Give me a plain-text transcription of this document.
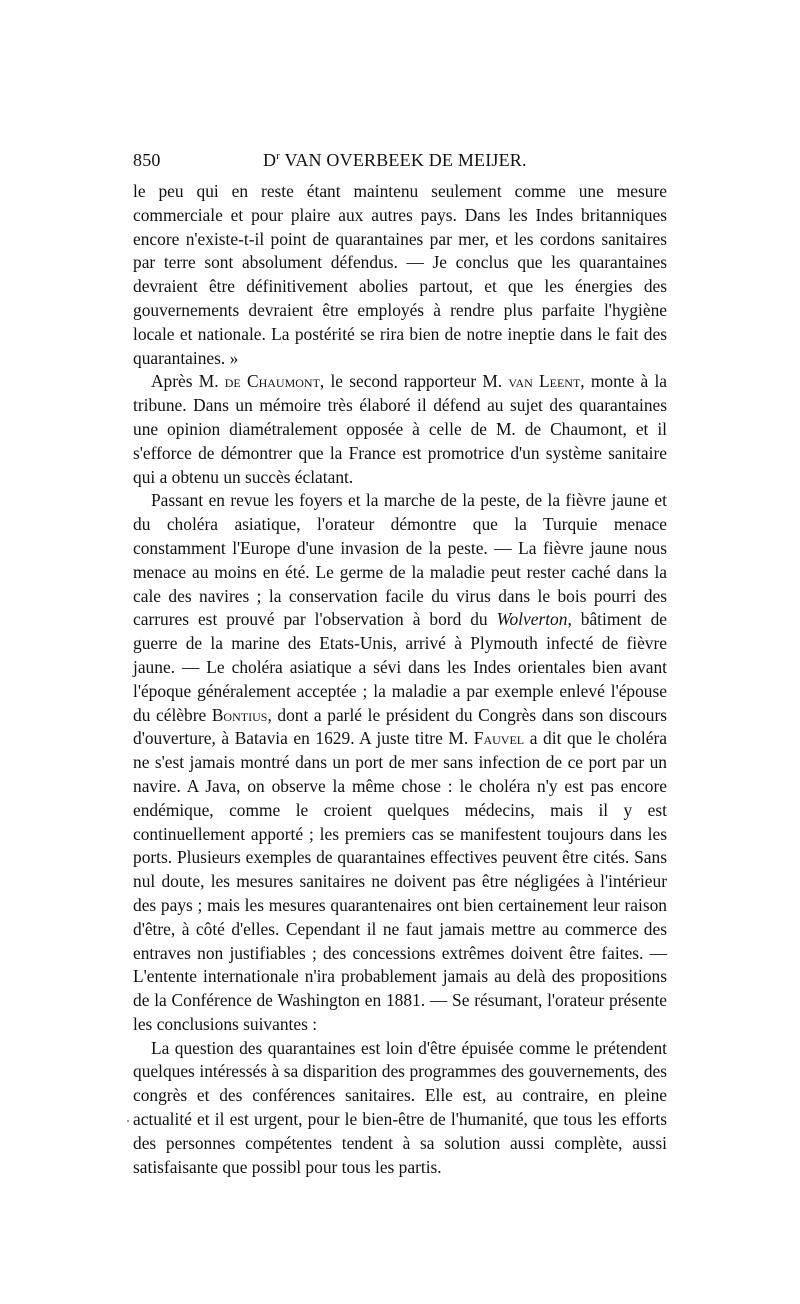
850	$D^r$ VAN OVERBEEK DE MEIJER.

le peu qui en reste étant maintenu seulement comme une mesure commerciale et pour plaire aux autres pays. Dans les Indes britanniques encore n'existe-t-il point de quarantaines par mer, et les cordons sanitaires par terre sont absolument défendus. — Je conclus que les quarantaines devraient être définitivement abolies partout, et que les énergies des gouvernements devraient être employés à rendre plus parfaite l'hygiène locale et nationale. La postérité se rira bien de notre ineptie dans le fait des quarantaines. »

Après M. de Chaumont, le second rapporteur M. van Leent, monte à la tribune. Dans un mémoire très élaboré il défend au sujet des quarantaines une opinion diamétralement opposée à celle de M. de Chaumont, et il s'efforce de démontrer que la France est promotrice d'un système sanitaire qui a obtenu un succès éclatant.

Passant en revue les foyers et la marche de la peste, de la fièvre jaune et du choléra asiatique, l'orateur démontre que la Turquie menace constamment l'Europe d'une invasion de la peste. — La fièvre jaune nous menace au moins en été. Le germe de la maladie peut rester caché dans la cale des navires ; la conservation facile du virus dans le bois pourri des carrures est prouvé par l'observation à bord du Wolverton, bâtiment de guerre de la marine des Etats-Unis, arrivé à Plymouth infecté de fièvre jaune. — Le choléra asiatique a sévi dans les Indes orientales bien avant l'époque généralement acceptée ; la maladie a par exemple enlevé l'épouse du célèbre Bontius, dont a parlé le président du Congrès dans son discours d'ouverture, à Batavia en 1629. A juste titre M. Fauvel a dit que le choléra ne s'est jamais montré dans un port de mer sans infection de ce port par un navire. A Java, on observe la même chose : le choléra n'y est pas encore endémique, comme le croient quelques médecins, mais il y est continuellement apporté ; les premiers cas se manifestent toujours dans les ports. Plusieurs exemples de quarantaines effectives peuvent être cités. Sans nul doute, les mesures sanitaires ne doivent pas être négligées à l'intérieur des pays ; mais les mesures quarantenaires ont bien certainement leur raison d'être, à côté d'elles. Cependant il ne faut jamais mettre au commerce des entraves non justifiables ; des concessions extrêmes doivent être faites. — L'entente internationale n'ira probablement jamais au delà des propositions de la Conférence de Washington en 1881. — Se résumant, l'orateur présente les conclusions suivantes :

La question des quarantaines est loin d'être épuisée comme le prétendent quelques intéressés à sa disparition des programmes des gouvernements, des congrès et des conférences sanitaires. Elle est, au contraire, en pleine actualité et il est urgent, pour le bien-être de l'humanité, que tous les efforts des personnes compétentes tendent à sa solution aussi complète, aussi satisfaisante que possibl pour tous les partis.
